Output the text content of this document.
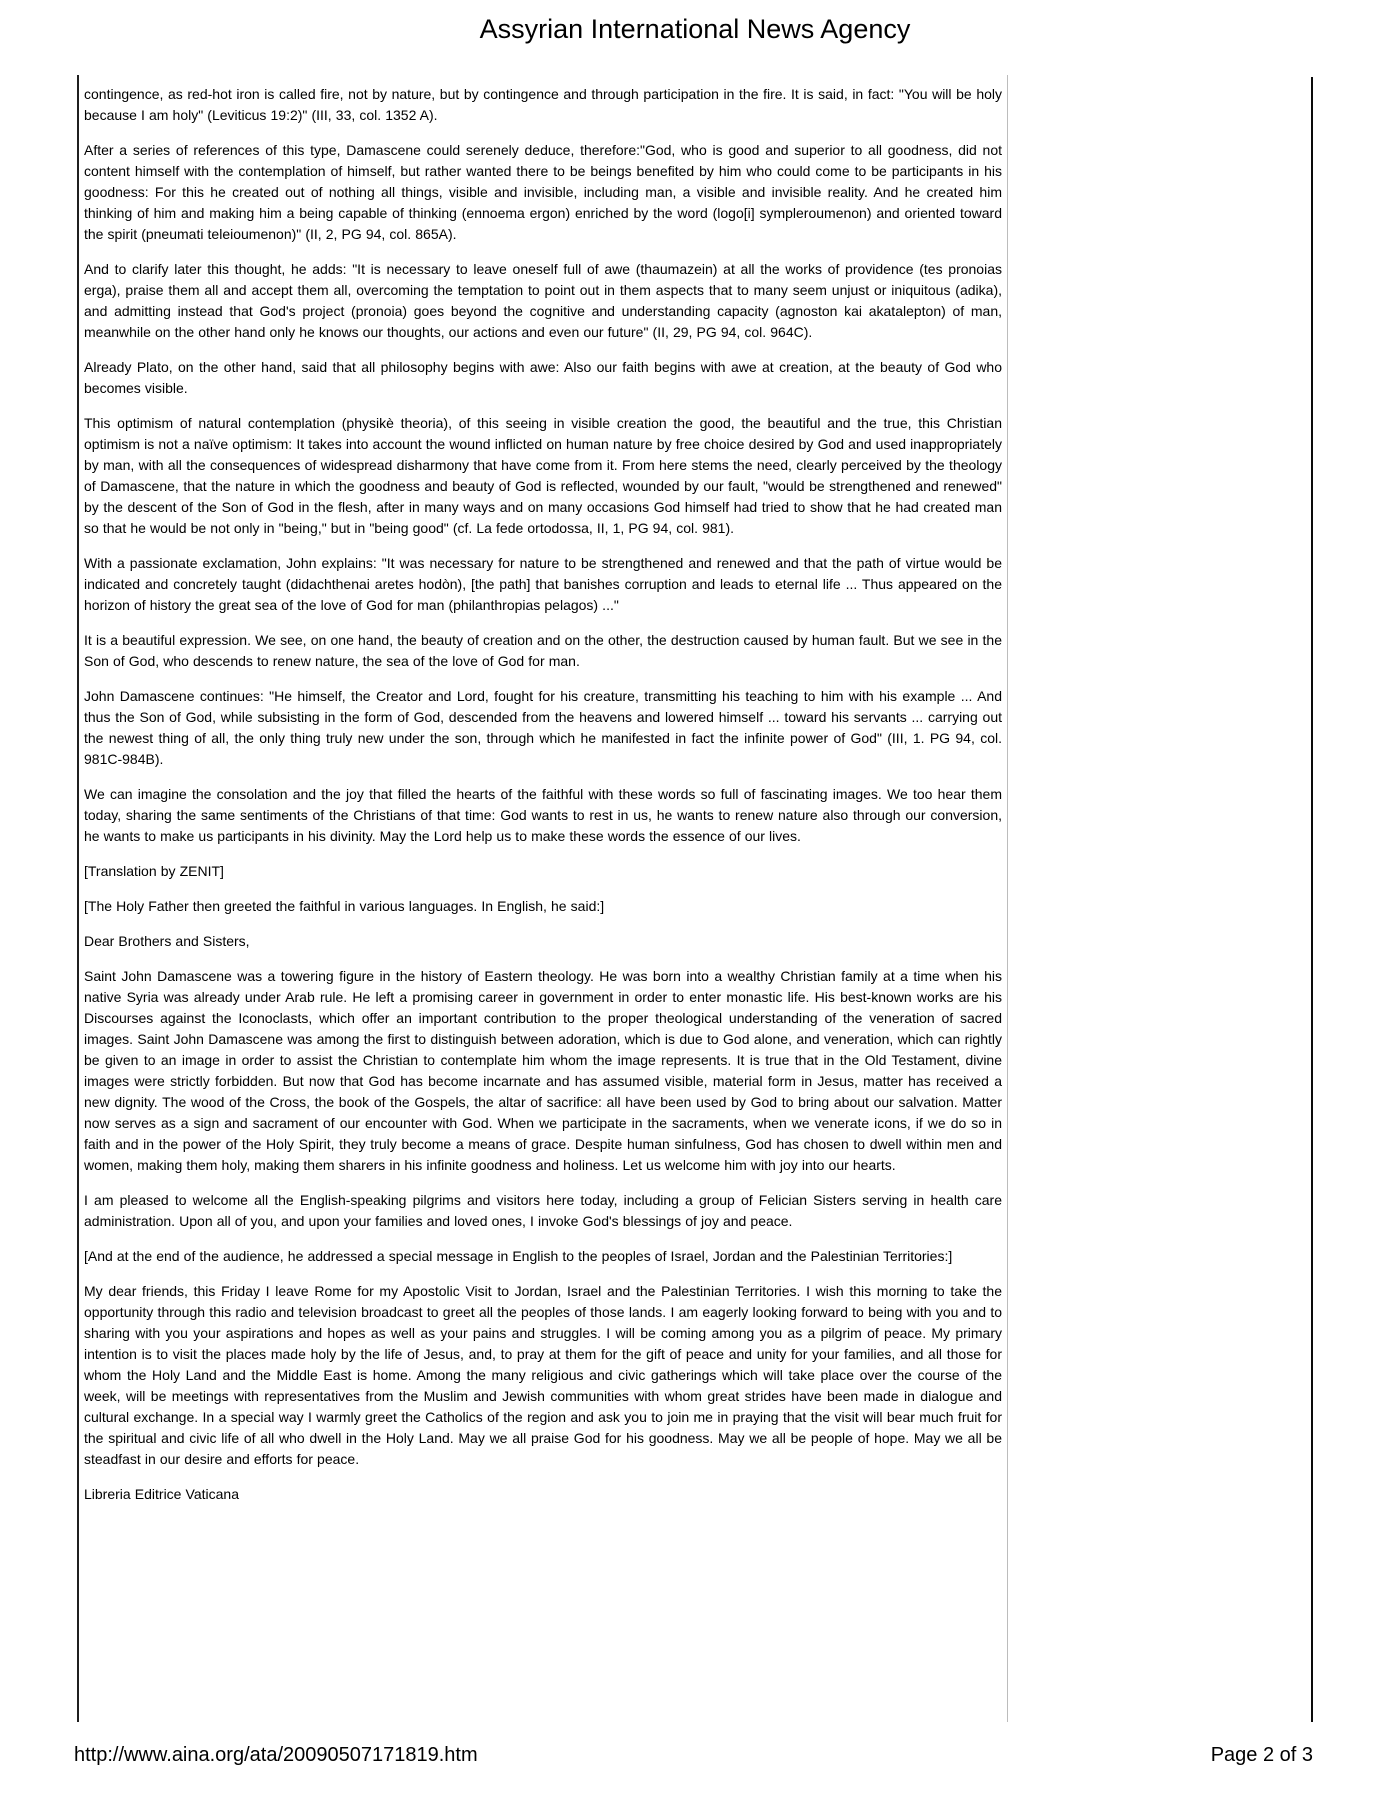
Assyrian International News Agency

contingence, as red-hot iron is called fire, not by nature, but by contingence and through participation in the fire. It is said, in fact: "You will be holy because I am holy" (Leviticus 19:2)" (III, 33, col. 1352 A).

After a series of references of this type, Damascene could serenely deduce, therefore:"God, who is good and superior to all goodness, did not content himself with the contemplation of himself, but rather wanted there to be beings benefited by him who could come to be participants in his goodness: For this he created out of nothing all things, visible and invisible, including man, a visible and invisible reality. And he created him thinking of him and making him a being capable of thinking (ennoema ergon) enriched by the word (logo[i] sympleroumenon) and oriented toward the spirit (pneumati teleioumenon)" (II, 2, PG 94, col. 865A).

And to clarify later this thought, he adds: "It is necessary to leave oneself full of awe (thaumazein) at all the works of providence (tes pronoias erga), praise them all and accept them all, overcoming the temptation to point out in them aspects that to many seem unjust or iniquitous (adika), and admitting instead that God's project (pronoia) goes beyond the cognitive and understanding capacity (agnoston kai akatalepton) of man, meanwhile on the other hand only he knows our thoughts, our actions and even our future" (II, 29, PG 94, col. 964C).

Already Plato, on the other hand, said that all philosophy begins with awe: Also our faith begins with awe at creation, at the beauty of God who becomes visible.

This optimism of natural contemplation (physikè theoria), of this seeing in visible creation the good, the beautiful and the true, this Christian optimism is not a naïve optimism: It takes into account the wound inflicted on human nature by free choice desired by God and used inappropriately by man, with all the consequences of widespread disharmony that have come from it. From here stems the need, clearly perceived by the theology of Damascene, that the nature in which the goodness and beauty of God is reflected, wounded by our fault, "would be strengthened and renewed" by the descent of the Son of God in the flesh, after in many ways and on many occasions God himself had tried to show that he had created man so that he would be not only in "being," but in "being good" (cf. La fede ortodossa, II, 1, PG 94, col. 981).

With a passionate exclamation, John explains: "It was necessary for nature to be strengthened and renewed and that the path of virtue would be indicated and concretely taught (didachthenai aretes hodòn), [the path] that banishes corruption and leads to eternal life ... Thus appeared on the horizon of history the great sea of the love of God for man (philanthropias pelagos) ..."

It is a beautiful expression. We see, on one hand, the beauty of creation and on the other, the destruction caused by human fault. But we see in the Son of God, who descends to renew nature, the sea of the love of God for man.

John Damascene continues: "He himself, the Creator and Lord, fought for his creature, transmitting his teaching to him with his example ... And thus the Son of God, while subsisting in the form of God, descended from the heavens and lowered himself ... toward his servants ... carrying out the newest thing of all, the only thing truly new under the son, through which he manifested in fact the infinite power of God" (III, 1. PG 94, col. 981C-984B).

We can imagine the consolation and the joy that filled the hearts of the faithful with these words so full of fascinating images. We too hear them today, sharing the same sentiments of the Christians of that time: God wants to rest in us, he wants to renew nature also through our conversion, he wants to make us participants in his divinity. May the Lord help us to make these words the essence of our lives.

[Translation by ZENIT]

[The Holy Father then greeted the faithful in various languages. In English, he said:]

Dear Brothers and Sisters,

Saint John Damascene was a towering figure in the history of Eastern theology. He was born into a wealthy Christian family at a time when his native Syria was already under Arab rule. He left a promising career in government in order to enter monastic life. His best-known works are his Discourses against the Iconoclasts, which offer an important contribution to the proper theological understanding of the veneration of sacred images. Saint John Damascene was among the first to distinguish between adoration, which is due to God alone, and veneration, which can rightly be given to an image in order to assist the Christian to contemplate him whom the image represents. It is true that in the Old Testament, divine images were strictly forbidden. But now that God has become incarnate and has assumed visible, material form in Jesus, matter has received a new dignity. The wood of the Cross, the book of the Gospels, the altar of sacrifice: all have been used by God to bring about our salvation. Matter now serves as a sign and sacrament of our encounter with God. When we participate in the sacraments, when we venerate icons, if we do so in faith and in the power of the Holy Spirit, they truly become a means of grace. Despite human sinfulness, God has chosen to dwell within men and women, making them holy, making them sharers in his infinite goodness and holiness. Let us welcome him with joy into our hearts.

I am pleased to welcome all the English-speaking pilgrims and visitors here today, including a group of Felician Sisters serving in health care administration. Upon all of you, and upon your families and loved ones, I invoke God's blessings of joy and peace.

[And at the end of the audience, he addressed a special message in English to the peoples of Israel, Jordan and the Palestinian Territories:]

My dear friends, this Friday I leave Rome for my Apostolic Visit to Jordan, Israel and the Palestinian Territories. I wish this morning to take the opportunity through this radio and television broadcast to greet all the peoples of those lands. I am eagerly looking forward to being with you and to sharing with you your aspirations and hopes as well as your pains and struggles. I will be coming among you as a pilgrim of peace. My primary intention is to visit the places made holy by the life of Jesus, and, to pray at them for the gift of peace and unity for your families, and all those for whom the Holy Land and the Middle East is home. Among the many religious and civic gatherings which will take place over the course of the week, will be meetings with representatives from the Muslim and Jewish communities with whom great strides have been made in dialogue and cultural exchange. In a special way I warmly greet the Catholics of the region and ask you to join me in praying that the visit will bear much fruit for the spiritual and civic life of all who dwell in the Holy Land. May we all praise God for his goodness. May we all be people of hope. May we all be steadfast in our desire and efforts for peace.

Libreria Editrice Vaticana

http://www.aina.org/ata/20090507171819.htm	Page 2 of 3
